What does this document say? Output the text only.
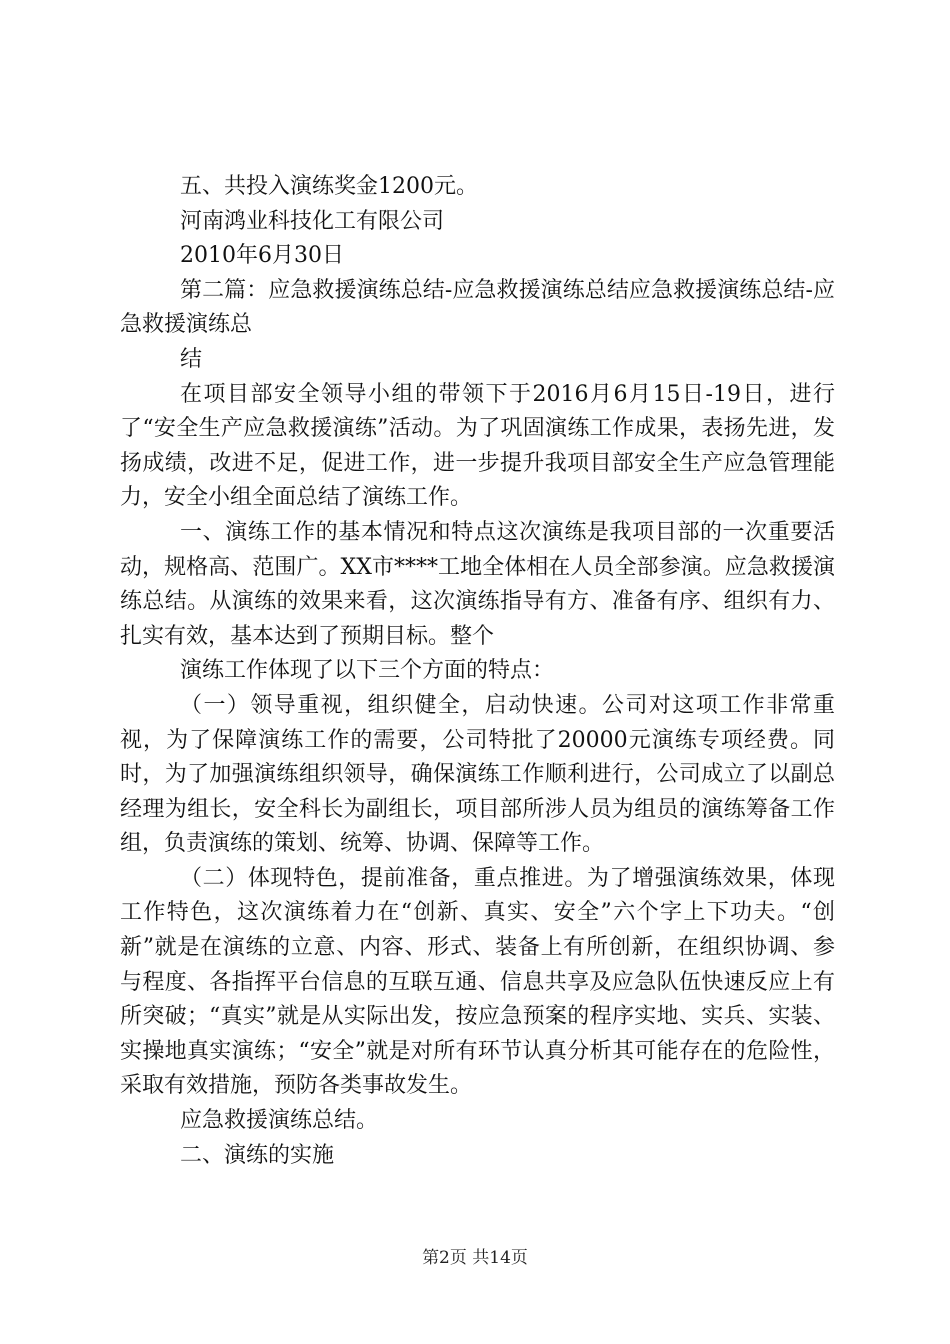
五、共投入演练奖金1200元。

河南鸿业科技化工有限公司

2010年6月30日

第二篇：应急救援演练总结-应急救援演练总结应急救援演练总结-应急救援演练总

结

在项目部安全领导小组的带领下于2016月6月15日-19日，进行了“安全生产应急救援演练”活动。为了巩固演练工作成果，表扬先进，发扬成绩，改进不足，促进工作，进一步提升我项目部安全生产应急管理能力，安全小组全面总结了演练工作。

一、演练工作的基本情况和特点这次演练是我项目部的一次重要活动，规格高、范围广。XX市****工地全体相在人员全部参演。应急救援演练总结。从演练的效果来看，这次演练指导有方、准备有序、组织有力、扎实有效，基本达到了预期目标。整个

演练工作体现了以下三个方面的特点：

（一）领导重视，组织健全，启动快速。公司对这项工作非常重视，为了保障演练工作的需要，公司特批了20000元演练专项经费。同时，为了加强演练组织领导，确保演练工作顺利进行，公司成立了以副总经理为组长，安全科长为副组长，项目部所涉人员为组员的演练筹备工作组，负责演练的策划、统筹、协调、保障等工作。

（二）体现特色，提前准备，重点推进。为了增强演练效果，体现工作特色，这次演练着力在“创新、真实、安全”六个字上下功夫。“创新”就是在演练的立意、内容、形式、装备上有所创新，在组织协调、参与程度、各指挥平台信息的互联互通、信息共享及应急队伍快速反应上有所突破；“真实”就是从实际出发，按应急预案的程序实地、实兵、实装、实操地真实演练；“安全”就是对所有环节认真分析其可能存在的危险性，采取有效措施，预防各类事故发生。

应急救援演练总结。

二、演练的实施

第2页 共14页
